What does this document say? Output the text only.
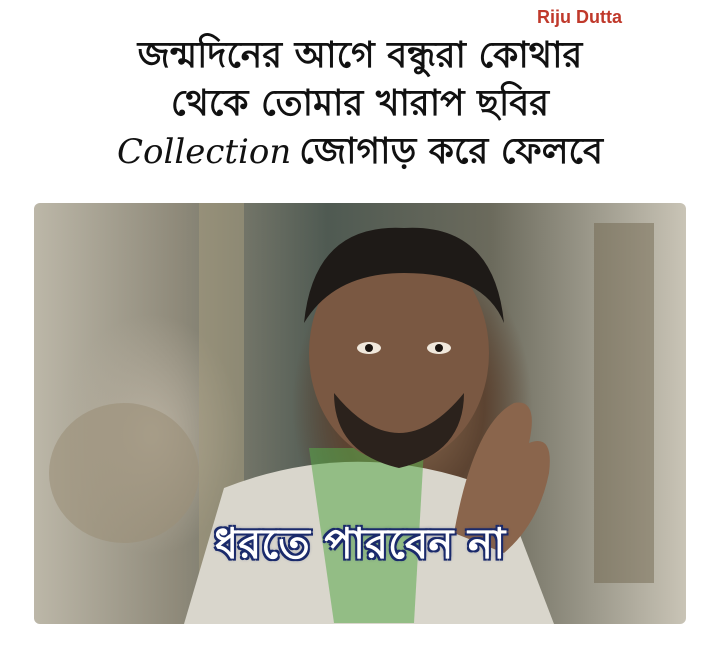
Riju Dutta
জন্মদিনের আগে বন্ধুরা কোথার
থেকে তোমার খারাপ ছবির
Collection জোগাড় করে ফেলবে
ধরতে পারবেন না
